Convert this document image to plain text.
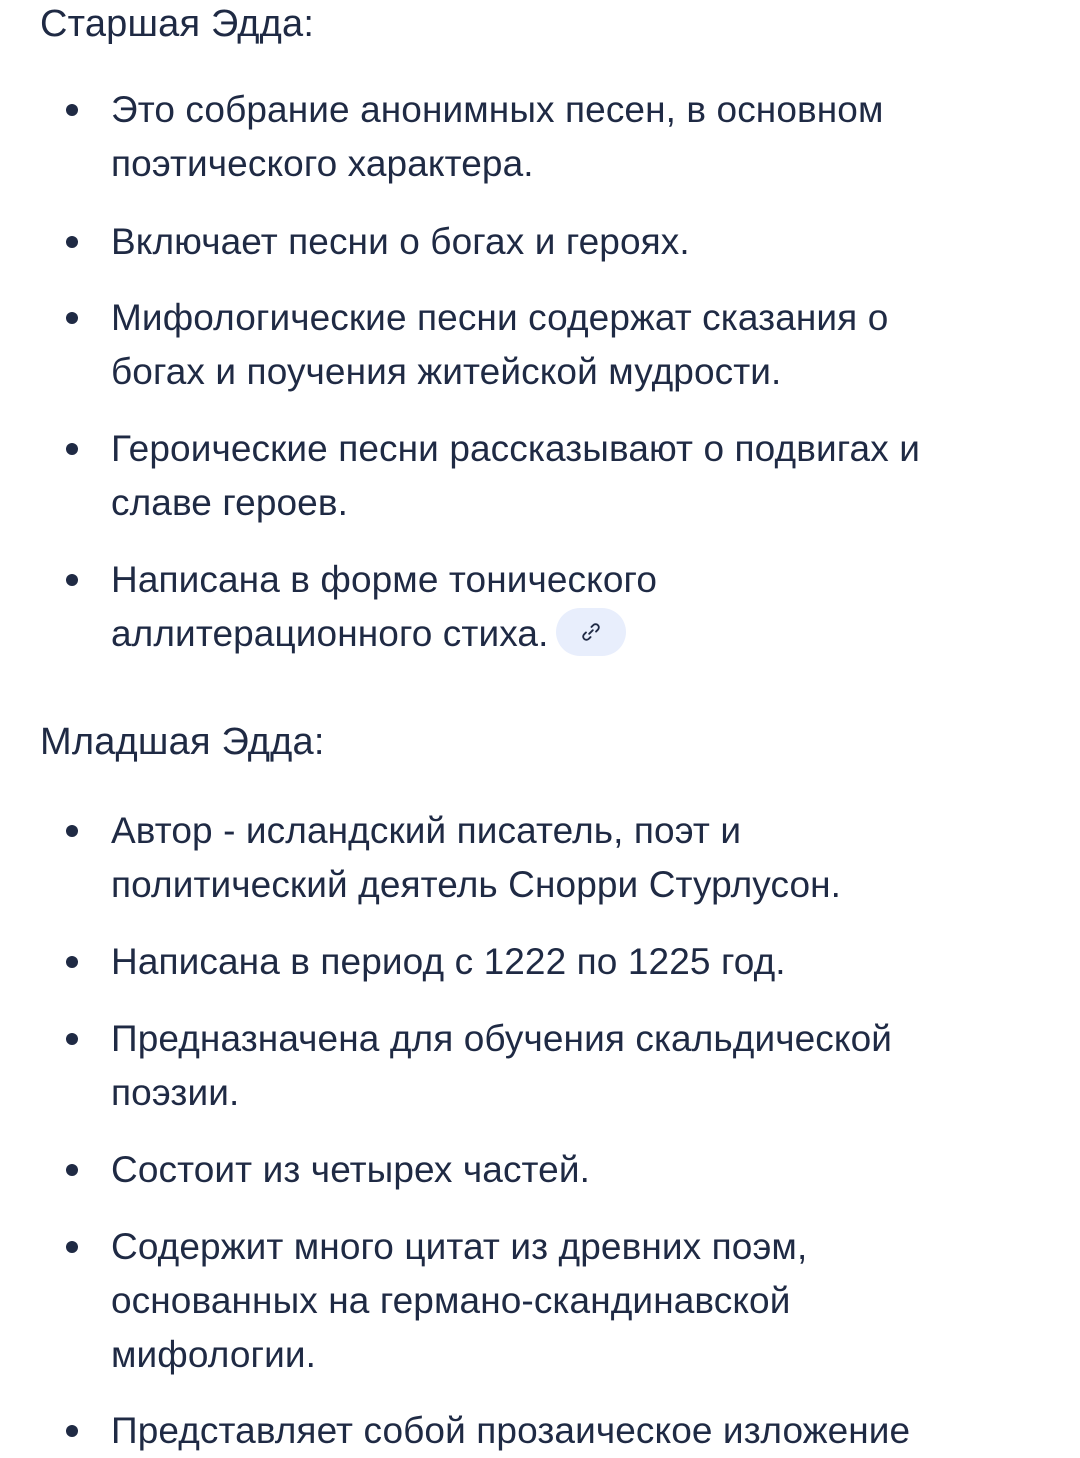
Старшая Эдда:
Это собрание анонимных песен, в основном поэтического характера.
Включает песни о богах и героях.
Мифологические песни содержат сказания о богах и поучения житейской мудрости.
Героические песни рассказывают о подвигах и славе героев.
Написана в форме тонического аллитерационного стиха.
Младшая Эдда:
Автор - исландский писатель, поэт и политический деятель Снорри Стурлусон.
Написана в период с 1222 по 1225 год.
Предназначена для обучения скальдической поэзии.
Состоит из четырех частей.
Содержит много цитат из древних поэм, основанных на германо-скандинавской мифологии.
Представляет собой прозаическое изложение
